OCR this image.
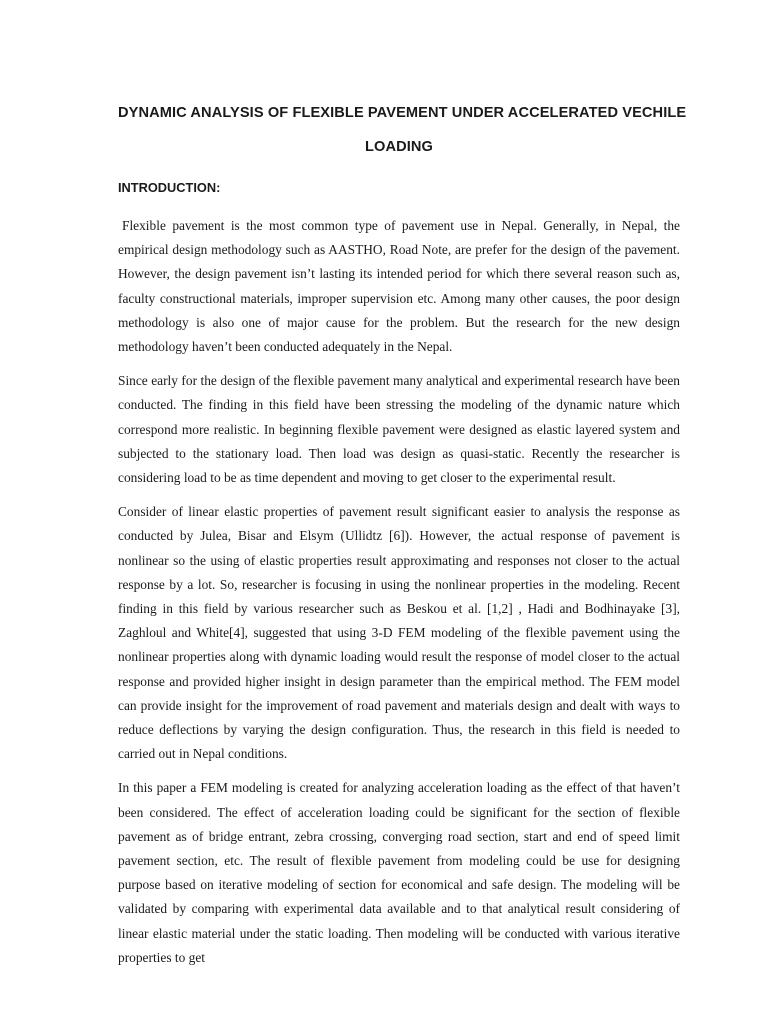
DYNAMIC ANALYSIS OF FLEXIBLE PAVEMENT UNDER ACCELERATED VECHILE
LOADING
INTRODUCTION:

Flexible pavement is the most common type of pavement use in Nepal. Generally, in Nepal, the empirical design methodology such as AASTHO, Road Note, are prefer for the design of the pavement. However, the design pavement isn’t lasting its intended period for which there several reason such as, faculty constructional materials, improper supervision etc. Among many other causes, the poor design methodology is also one of major cause for the problem. But the research for the new design methodology haven’t been conducted adequately in the Nepal.

Since early for the design of the flexible pavement many analytical and experimental research have been conducted. The finding in this field have been stressing the modeling of the dynamic nature which correspond more realistic. In beginning flexible pavement were designed as elastic layered system and subjected to the stationary load. Then load was design as quasi-static. Recently the researcher is considering load to be as time dependent and moving to get closer to the experimental result.

Consider of linear elastic properties of pavement result significant easier to analysis the response as conducted by Julea, Bisar and Elsym (Ullidtz [6]). However, the actual response of pavement is nonlinear so the using of elastic properties result approximating and responses not closer to the actual response by a lot. So, researcher is focusing in using the nonlinear properties in the modeling. Recent finding in this field by various researcher such as Beskou et al. [1,2] , Hadi and Bodhinayake [3], Zaghloul and White[4], suggested that using 3-D FEM modeling of the flexible pavement using the nonlinear properties along with dynamic loading would result the response of model closer to the actual response and provided higher insight in design parameter than the empirical method. The FEM model can provide insight for the improvement of road pavement and materials design and dealt with ways to reduce deflections by varying the design configuration. Thus, the research in this field is needed to carried out in Nepal conditions.

In this paper a FEM modeling is created for analyzing acceleration loading as the effect of that haven’t been considered. The effect of acceleration loading could be significant for the section of flexible pavement as of bridge entrant, zebra crossing, converging road section, start and end of speed limit pavement section, etc. The result of flexible pavement from modeling could be use for designing purpose based on iterative modeling of section for economical and safe design. The modeling will be validated by comparing with experimental data available and to that analytical result considering of linear elastic material under the static loading. Then modeling will be conducted with various iterative properties to get
